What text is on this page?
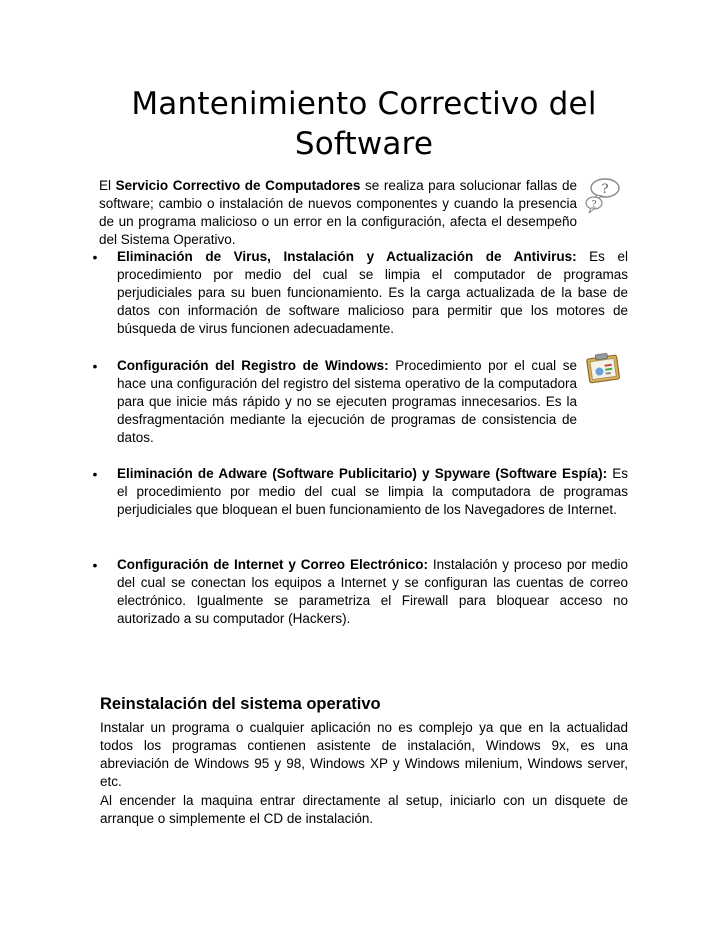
Mantenimiento Correctivo del
Software
?
?
El Servicio Correctivo de Computadores se realiza para solucionar fallas de software; cambio o instalación de nuevos componentes y cuando la presencia de un programa malicioso o un error en la configuración, afecta el desempeño del Sistema Operativo.
•	Eliminación de Virus, Instalación y Actualización de Antivirus: Es el procedimiento por medio del cual se limpia el computador de programas perjudiciales para su buen funcionamiento. Es la carga actualizada de la base de datos con información de software malicioso para permitir que los motores de búsqueda de virus funcionen adecuadamente.
•	Configuración del Registro de Windows: Procedimiento por el cual se hace una configuración del registro del sistema operativo de la computadora para que inicie más rápido y no se ejecuten programas innecesarios. Es la desfragmentación mediante la ejecución de programas de consistencia de datos.
•	Eliminación de Adware (Software Publicitario) y Spyware (Software Espía): Es el procedimiento por medio del cual se limpia la computadora de programas perjudiciales que bloquean el buen funcionamiento de los Navegadores de Internet.
•	Configuración de Internet y Correo Electrónico: Instalación y proceso por medio del cual se conectan los equipos a Internet y se configuran las cuentas de correo electrónico. Igualmente se parametriza el Firewall para bloquear acceso no autorizado a su computador (Hackers).
Reinstalación del sistema operativo
Instalar un programa o cualquier aplicación no es complejo ya que en la actualidad todos los programas contienen asistente de instalación, Windows 9x, es una abreviación de Windows 95 y 98, Windows XP y Windows milenium, Windows server, etc.
Al encender la maquina entrar directamente al setup, iniciarlo con un disquete de arranque o simplemente el CD de instalación.
